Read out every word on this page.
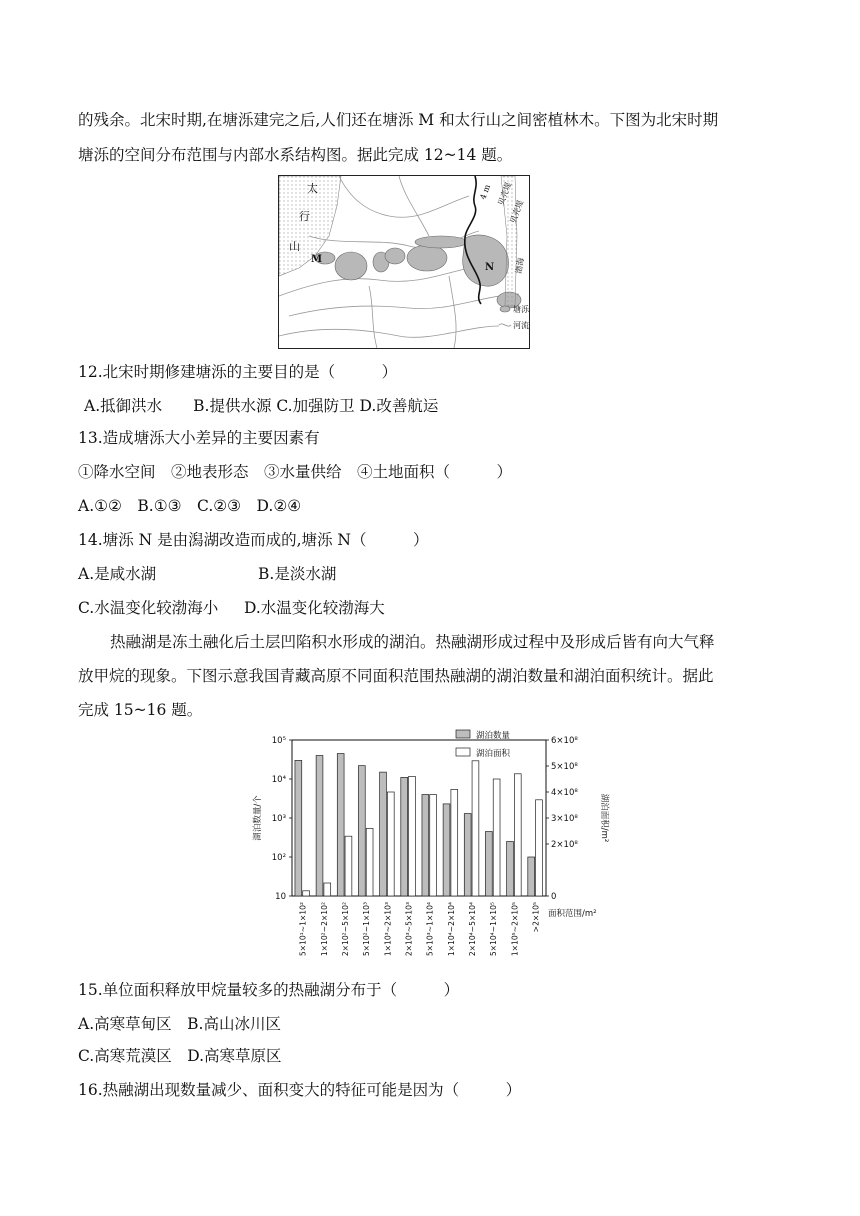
的残余。北宋时期,在塘泺建完之后,人们还在塘泺 M 和太行山之间密植林木。下图为北宋时期
塘泺的空间分布范围与内部水系结构图。据此完成 12~14 题。
太
行
山
M
N
4 m 贝壳堤
贝壳堤
渤海
塘泺
河流
12.北宋时期修建塘泺的主要目的是（　　　）
A.抵御洪水　　B.提供水源 C.加强防卫 D.改善航运
13.造成塘泺大小差异的主要因素有
①降水空间　②地表形态　③水量供给　④土地面积（　　　）
A.①②　B.①③　C.②③　D.②④
14.塘泺 N 是由潟湖改造而成的,塘泺 N（　　　）
A.是咸水湖	B.是淡水湖
C.水温变化较渤海小 D.水温变化较渤海大
热融湖是冻土融化后土层凹陷积水形成的湖泊。热融湖形成过程中及形成后皆有向大气释
放甲烷的现象。下图示意我国青藏高原不同面积范围热融湖的湖泊数量和湖泊面积统计。据此
完成 15~16 题。
10
10²
10³
10⁴
10⁵
0
2×10⁸
3×10⁸
4×10⁸
5×10⁸
6×10⁸
湖泊数量/个	湖泊面积/m²
面积范围/m²
5×10¹~1×10² 1×10²~2×10² 2×10²~5×10² 5×10²~1×10³ 1×10³~2×10³ 2×10³~5×10³ 5×10³~1×10⁴ 1×10⁴~2×10⁴ 2×10⁴~5×10⁴ 5×10⁴~1×10⁵ 1×10⁵~2×10⁵ >2×10⁵
湖泊数量
湖泊面积
15.单位面积释放甲烷量较多的热融湖分布于（　　　）
A.高寒草甸区　B.高山冰川区
C.高寒荒漠区　D.高寒草原区
16.热融湖出现数量减少、面积变大的特征可能是因为（　　　）
